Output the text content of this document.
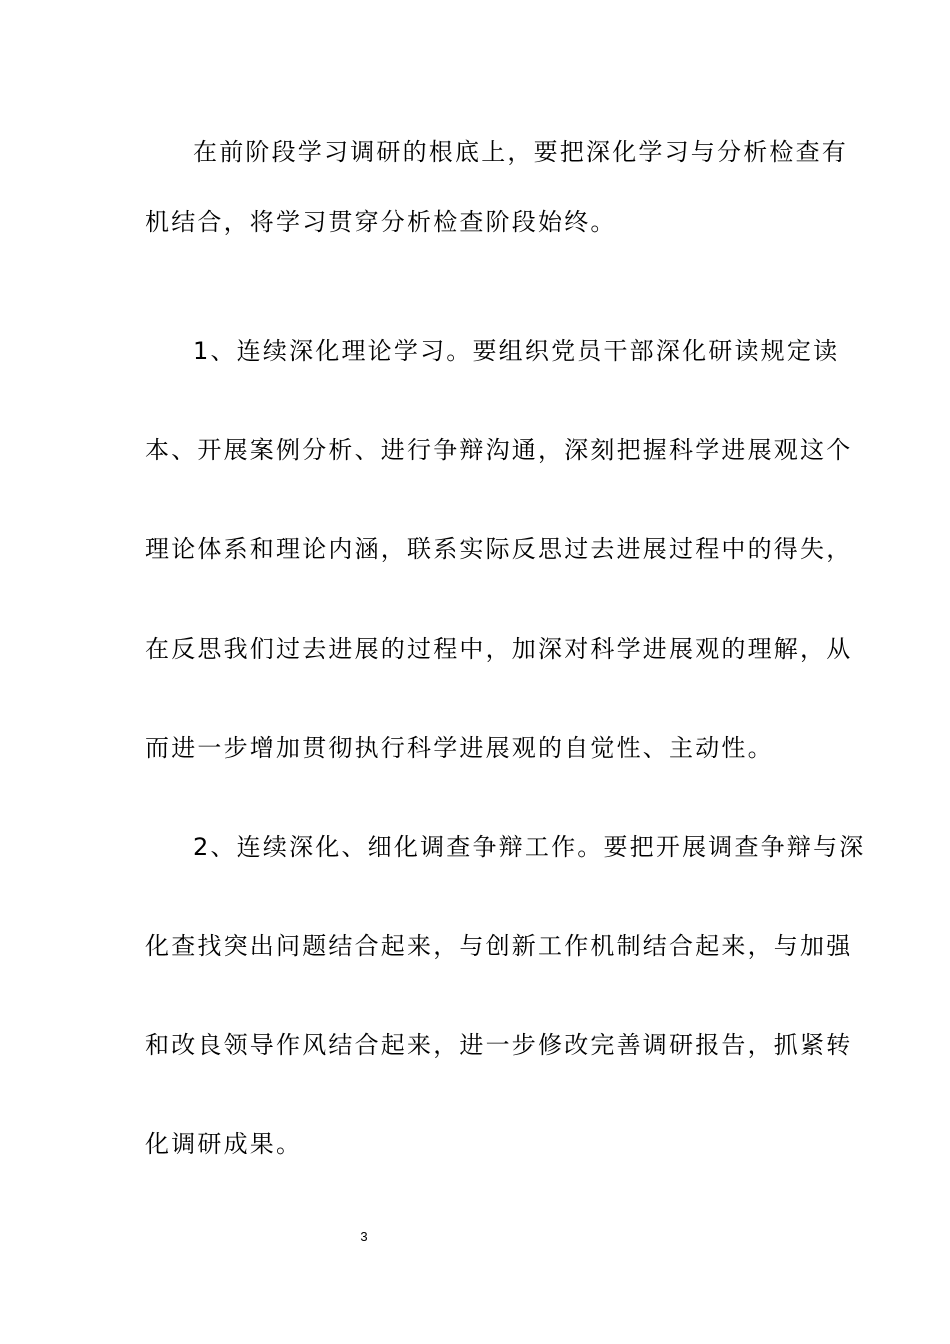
在前阶段学习调研的根底上，要把深化学习与分析检查有
机结合，将学习贯穿分析检查阶段始终。
1、连续深化理论学习。要组织党员干部深化研读规定读
本、开展案例分析、进行争辩沟通，深刻把握科学进展观这个
理论体系和理论内涵，联系实际反思过去进展过程中的得失，
在反思我们过去进展的过程中，加深对科学进展观的理解，从
而进一步增加贯彻执行科学进展观的自觉性、主动性。
2、连续深化、细化调查争辩工作。要把开展调查争辩与深
化查找突出问题结合起来，与创新工作机制结合起来，与加强
和改良领导作风结合起来，进一步修改完善调研报告，抓紧转
化调研成果。
3
